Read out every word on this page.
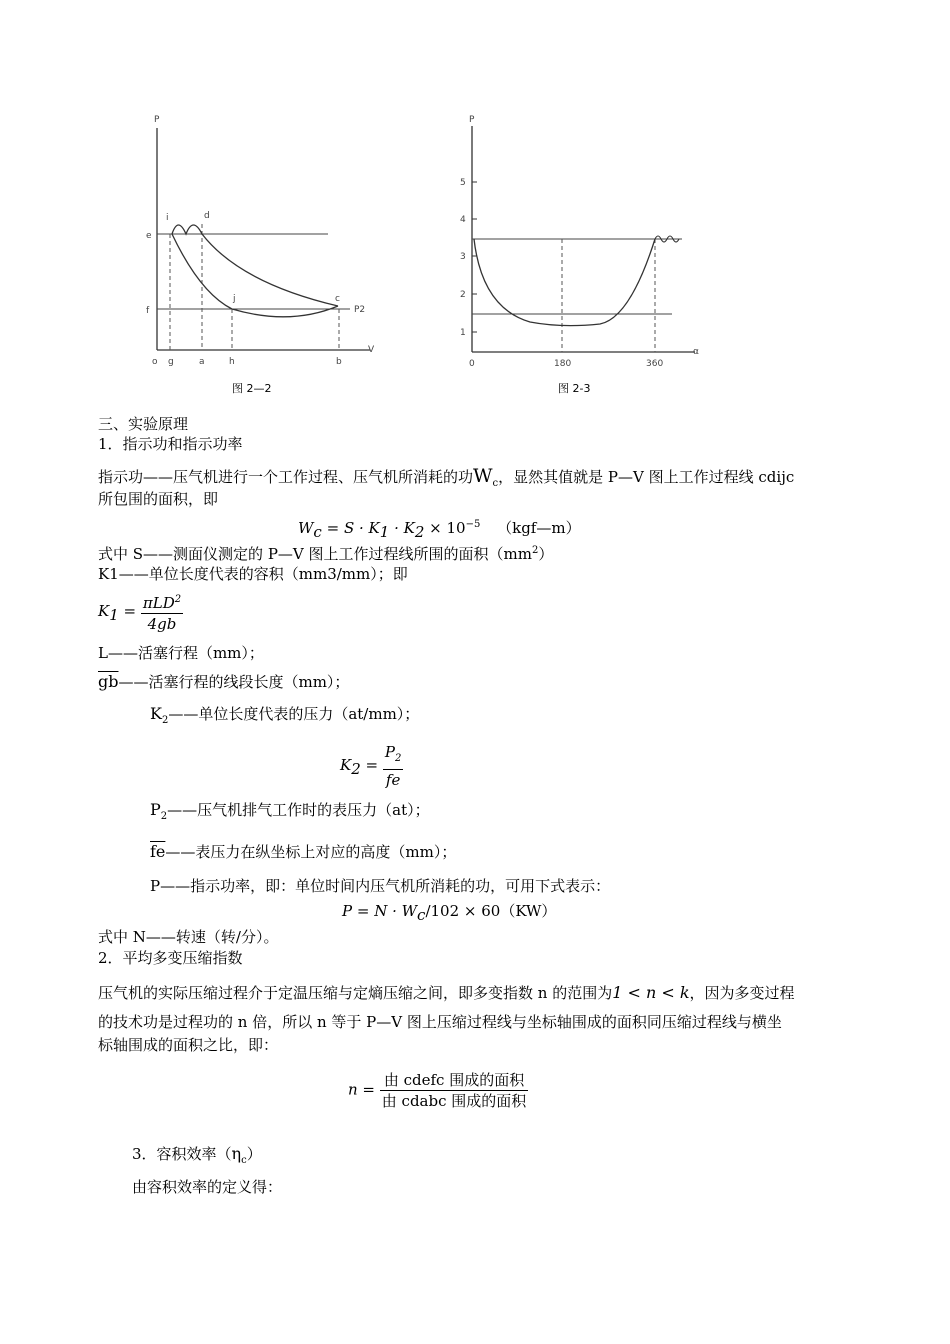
P
V
i	d
e
f
j	c
P2
o g	a	h	b
图 2—2
P
α
5
4
3
2
1
0	180	360
图 2-3
三、实验原理
1．指示功和指示功率
指示功——压气机进行一个工作过程、压气机所消耗的功$W_c$，显然其值就是 P—V 图上工作过程线 cdijc
所包围的面积，即
$W_c = S \cdot K_1 \cdot K_2 \times 10^{-5}$ （kgf—m）
式中 S——测面仪测定的 P—V 图上工作过程线所围的面积$(mm^2)$
K1——单位长度代表的容积（mm3/mm）；即
$K_1 = \frac{\pi LD^2}{4gb}$
L——活塞行程（mm）；
$\overline{gb}——$活塞行程的线段长度（mm）；
$K_2——$单位长度代表的压力（at/mm）；
$K_2 = \frac{P_2}{fe}$
$P_2——$压气机排气工作时的表压力（at）；
$\overline{fe}——$表压力在纵坐标上对应的高度（mm）；
P——指示功率，即：单位时间内压气机所消耗的功，可用下式表示：
$P = N \cdot W_c/102 \times 60(KW)$
式中 N——转速（转/分）。
2．平均多变压缩指数
压气机的实际压缩过程介于定温压缩与定熵压缩之间，即多变指数 n 的范围为1 < n < k，因为多变过程
的技术功是过程功的 n 倍，所以 n 等于 P—V 图上压缩过程线与坐标轴围成的面积同压缩过程线与横坐
标轴围成的面积之比，即：
$n = \frac{\text{由 cdefc 围成的面积}}{\text{由 cdabc 围成的面积}}$
3．容积效率$(\eta_c)$
由容积效率的定义得：
